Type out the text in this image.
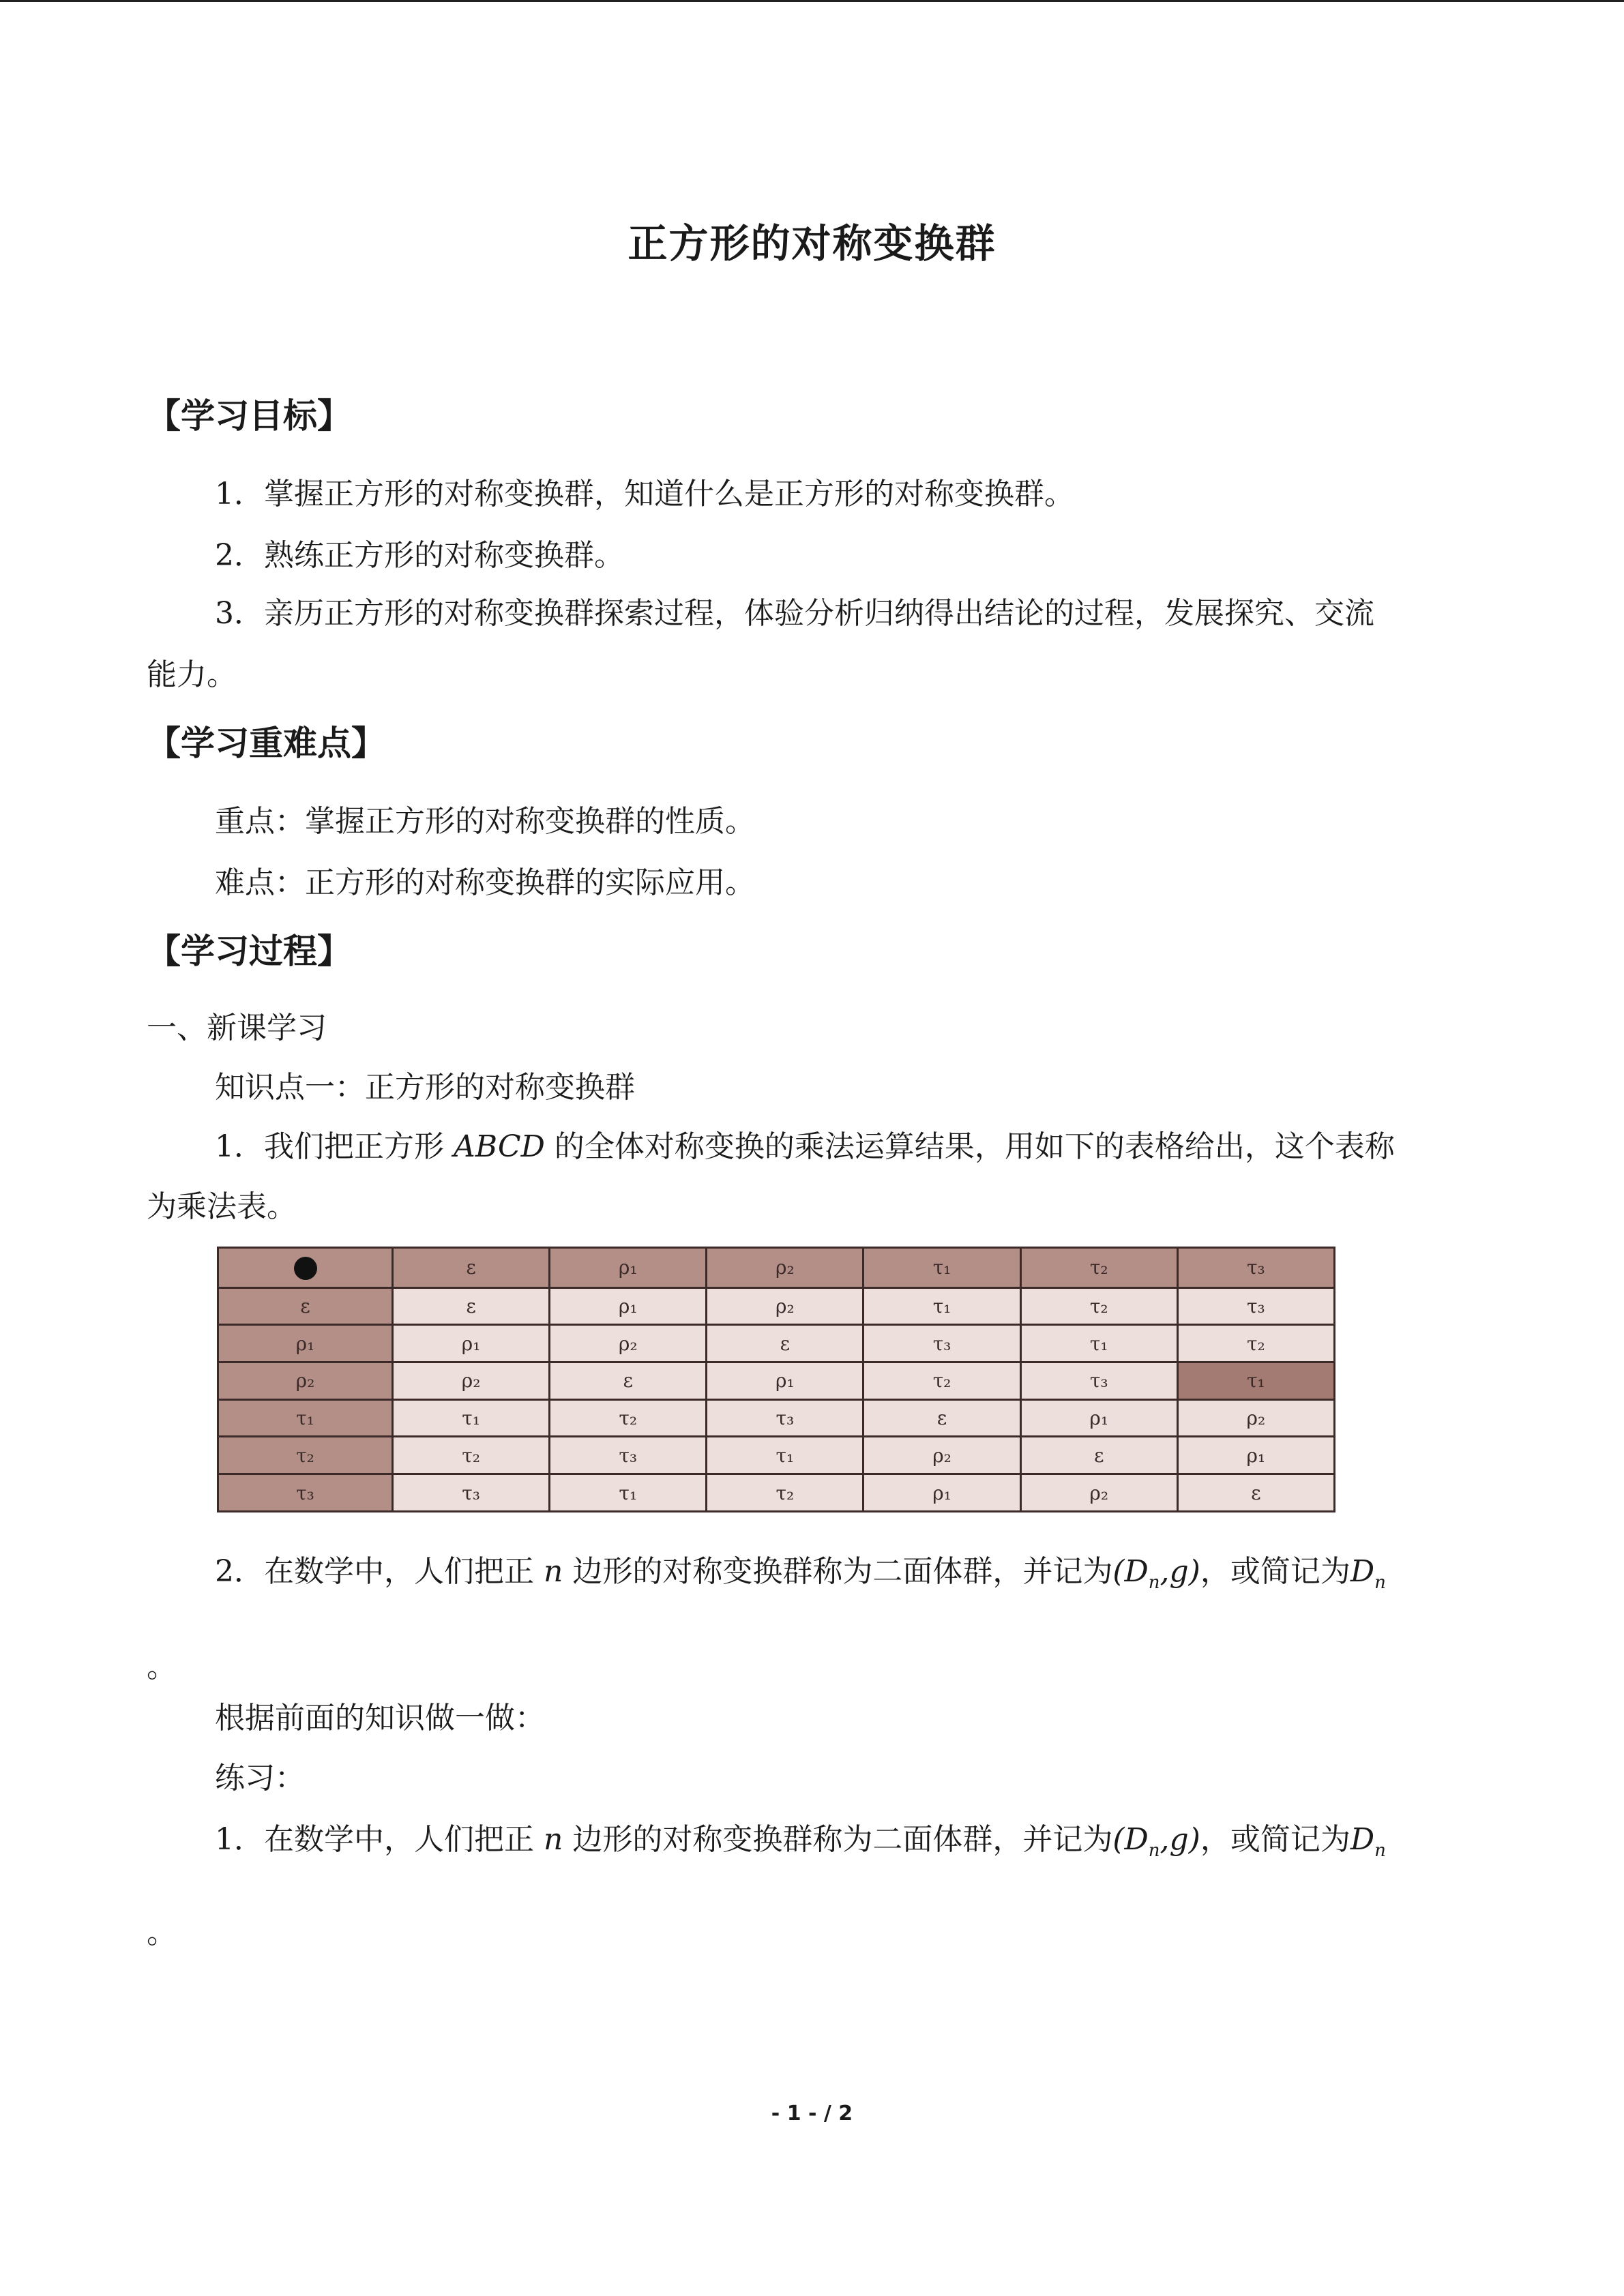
正方形的对称变换群
【学习目标】
1．掌握正方形的对称变换群，知道什么是正方形的对称变换群。
2．熟练正方形的对称变换群。
3．亲历正方形的对称变换群探索过程，体验分析归纳得出结论的过程，发展探究、交流
能力。
【学习重难点】
重点：掌握正方形的对称变换群的性质。
难点：正方形的对称变换群的实际应用。
【学习过程】
一、新课学习
知识点一：正方形的对称变换群
1．我们把正方形 ABCD 的全体对称变换的乘法运算结果，用如下的表格给出，这个表称
为乘法表。
	ε	ρ₁	ρ₂	τ₁	τ₂	τ₃
ε	ε	ρ₁	ρ₂	τ₁	τ₂	τ₃
ρ₁	ρ₁	ρ₂	ε	τ₃	τ₁	τ₂
ρ₂	ρ₂	ε	ρ₁	τ₂	τ₃	τ₁
τ₁	τ₁	τ₂	τ₃	ε	ρ₁	ρ₂
τ₂	τ₂	τ₃	τ₁	ρ₂	ε	ρ₁
τ₃	τ₃	τ₁	τ₂	ρ₁	ρ₂	ε
2．在数学中，人们把正 n 边形的对称变换群称为二面体群，并记为$(D_n,g)$，或简记为$D_n$
。
根据前面的知识做一做：
练习：
1．在数学中，人们把正 n 边形的对称变换群称为二面体群，并记为$(D_n,g)$，或简记为$D_n$
。
- 1 - / 2
